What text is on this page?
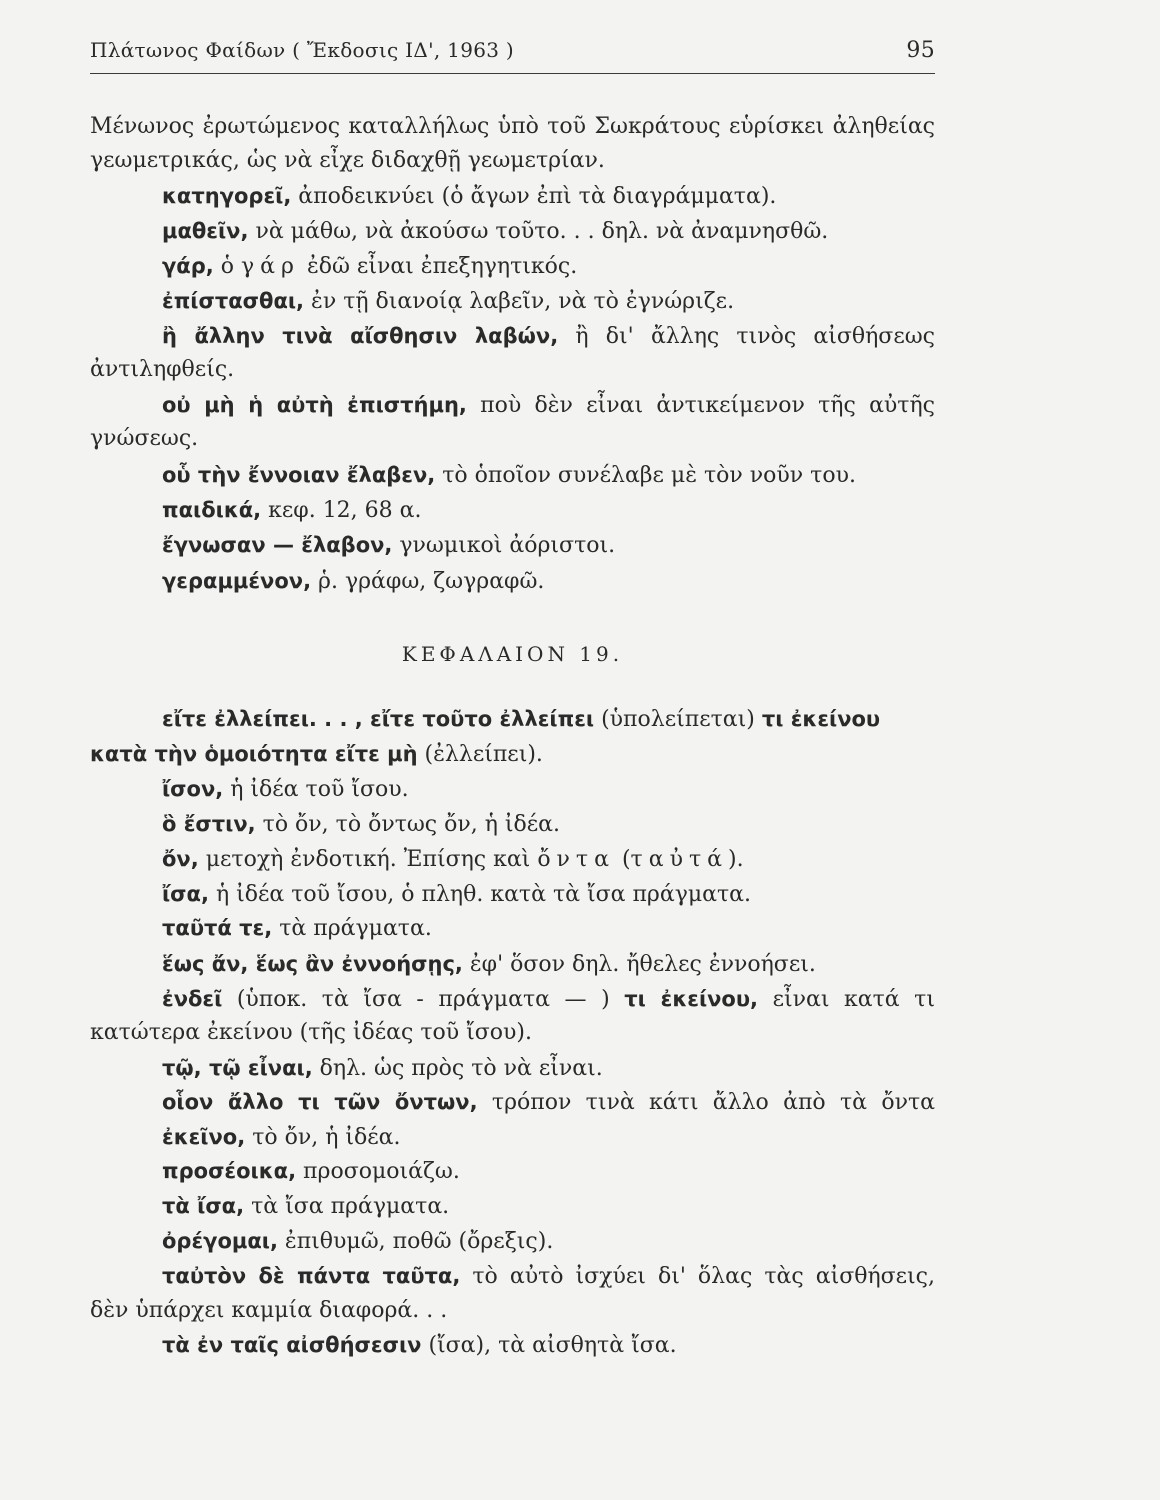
Πλάτωνος Φαίδων ( Ἔκδοσις ΙΔ', 1963 )	95
Μένωνος ἐρωτώμενος καταλλήλως ὑπὸ τοῦ Σωκράτους εὑρίσκει ἀληθείας
γεωμετρικάς, ὡς νὰ εἶχε διδαχθῇ γεωμετρίαν.
κατηγορεῖ, ἀποδεικνύει (ὁ ἄγων ἐπὶ τὰ διαγράμματα).
μαθεῖν, νὰ μάθω, νὰ ἀκούσω τοῦτο. . . δηλ. νὰ ἀναμνησθῶ.
γάρ, ὁ γάρ ἐδῶ εἶναι ἐπεξηγητικός.
ἐπίστασθαι, ἐν τῇ διανοίᾳ λαβεῖν, νὰ τὸ ἐγνώριζε.
ἢ ἄλλην τινὰ αἴσθησιν λαβών, ἢ δι' ἄλλης τινὸς αἰσθήσεως
ἀντιληφθείς.
οὐ μὴ ἡ αὐτὴ ἐπιστήμη, ποὺ δὲν εἶναι ἀντικείμενον τῆς αὐτῆς
γνώσεως.
οὗ τὴν ἔννοιαν ἔλαβεν, τὸ ὁποῖον συνέλαβε μὲ τὸν νοῦν του.
παιδικά, κεφ. 12, 68 α.
ἔγνωσαν — ἔλαβον, γνωμικοὶ ἀόριστοι.
γεραμμένον, ῥ. γράφω, ζωγραφῶ.
ΚΕΦΑΛΑΙΟΝ 19.
εἴτε ἐλλείπει. . . , εἴτε τοῦτο ἐλλείπει (ὑπολείπεται) τι ἐκείνου
κατὰ τὴν ὁμοιότητα εἴτε μὴ (ἐλλείπει).
ἴσον, ἡ ἰδέα τοῦ ἴσου.
ὃ ἔστιν, τὸ ὄν, τὸ ὄντως ὄν, ἡ ἰδέα.
ὄν, μετοχὴ ἐνδοτική. Ἐπίσης καὶ ὄντα (ταὐτά).
ἴσα, ἡ ἰδέα τοῦ ἴσου, ὁ πληθ. κατὰ τὰ ἴσα πράγματα.
ταῦτά τε, τὰ πράγματα.
ἕως ἄν, ἕως ἂν ἐννοήσῃς, ἐφ' ὅσον δηλ. ἤθελες ἐννοήσει.
ἐνδεῖ (ὑποκ. τὰ ἴσα - πράγματα — ) τι ἐκείνου, εἶναι κατά τι
κατώτερα ἐκείνου (τῆς ἰδέας τοῦ ἴσου).
τῷ, τῷ εἶναι, δηλ. ὡς πρὸς τὸ νὰ εἶναι.
οἷον ἄλλο τι τῶν ὄντων, τρόπον τινὰ κάτι ἄλλο ἀπὸ τὰ ὄντα
ἐκεῖνο, τὸ ὄν, ἡ ἰδέα.
προσέοικα, προσομοιάζω.
τὰ ἴσα, τὰ ἴσα πράγματα.
ὀρέγομαι, ἐπιθυμῶ, ποθῶ (ὄρεξις).
ταὐτὸν δὲ πάντα ταῦτα, τὸ αὐτὸ ἰσχύει δι' ὅλας τὰς αἰσθήσεις,
δὲν ὑπάρχει καμμία διαφορά. . .
τὰ ἐν ταῖς αἰσθήσεσιν (ἴσα), τὰ αἰσθητὰ ἴσα.
